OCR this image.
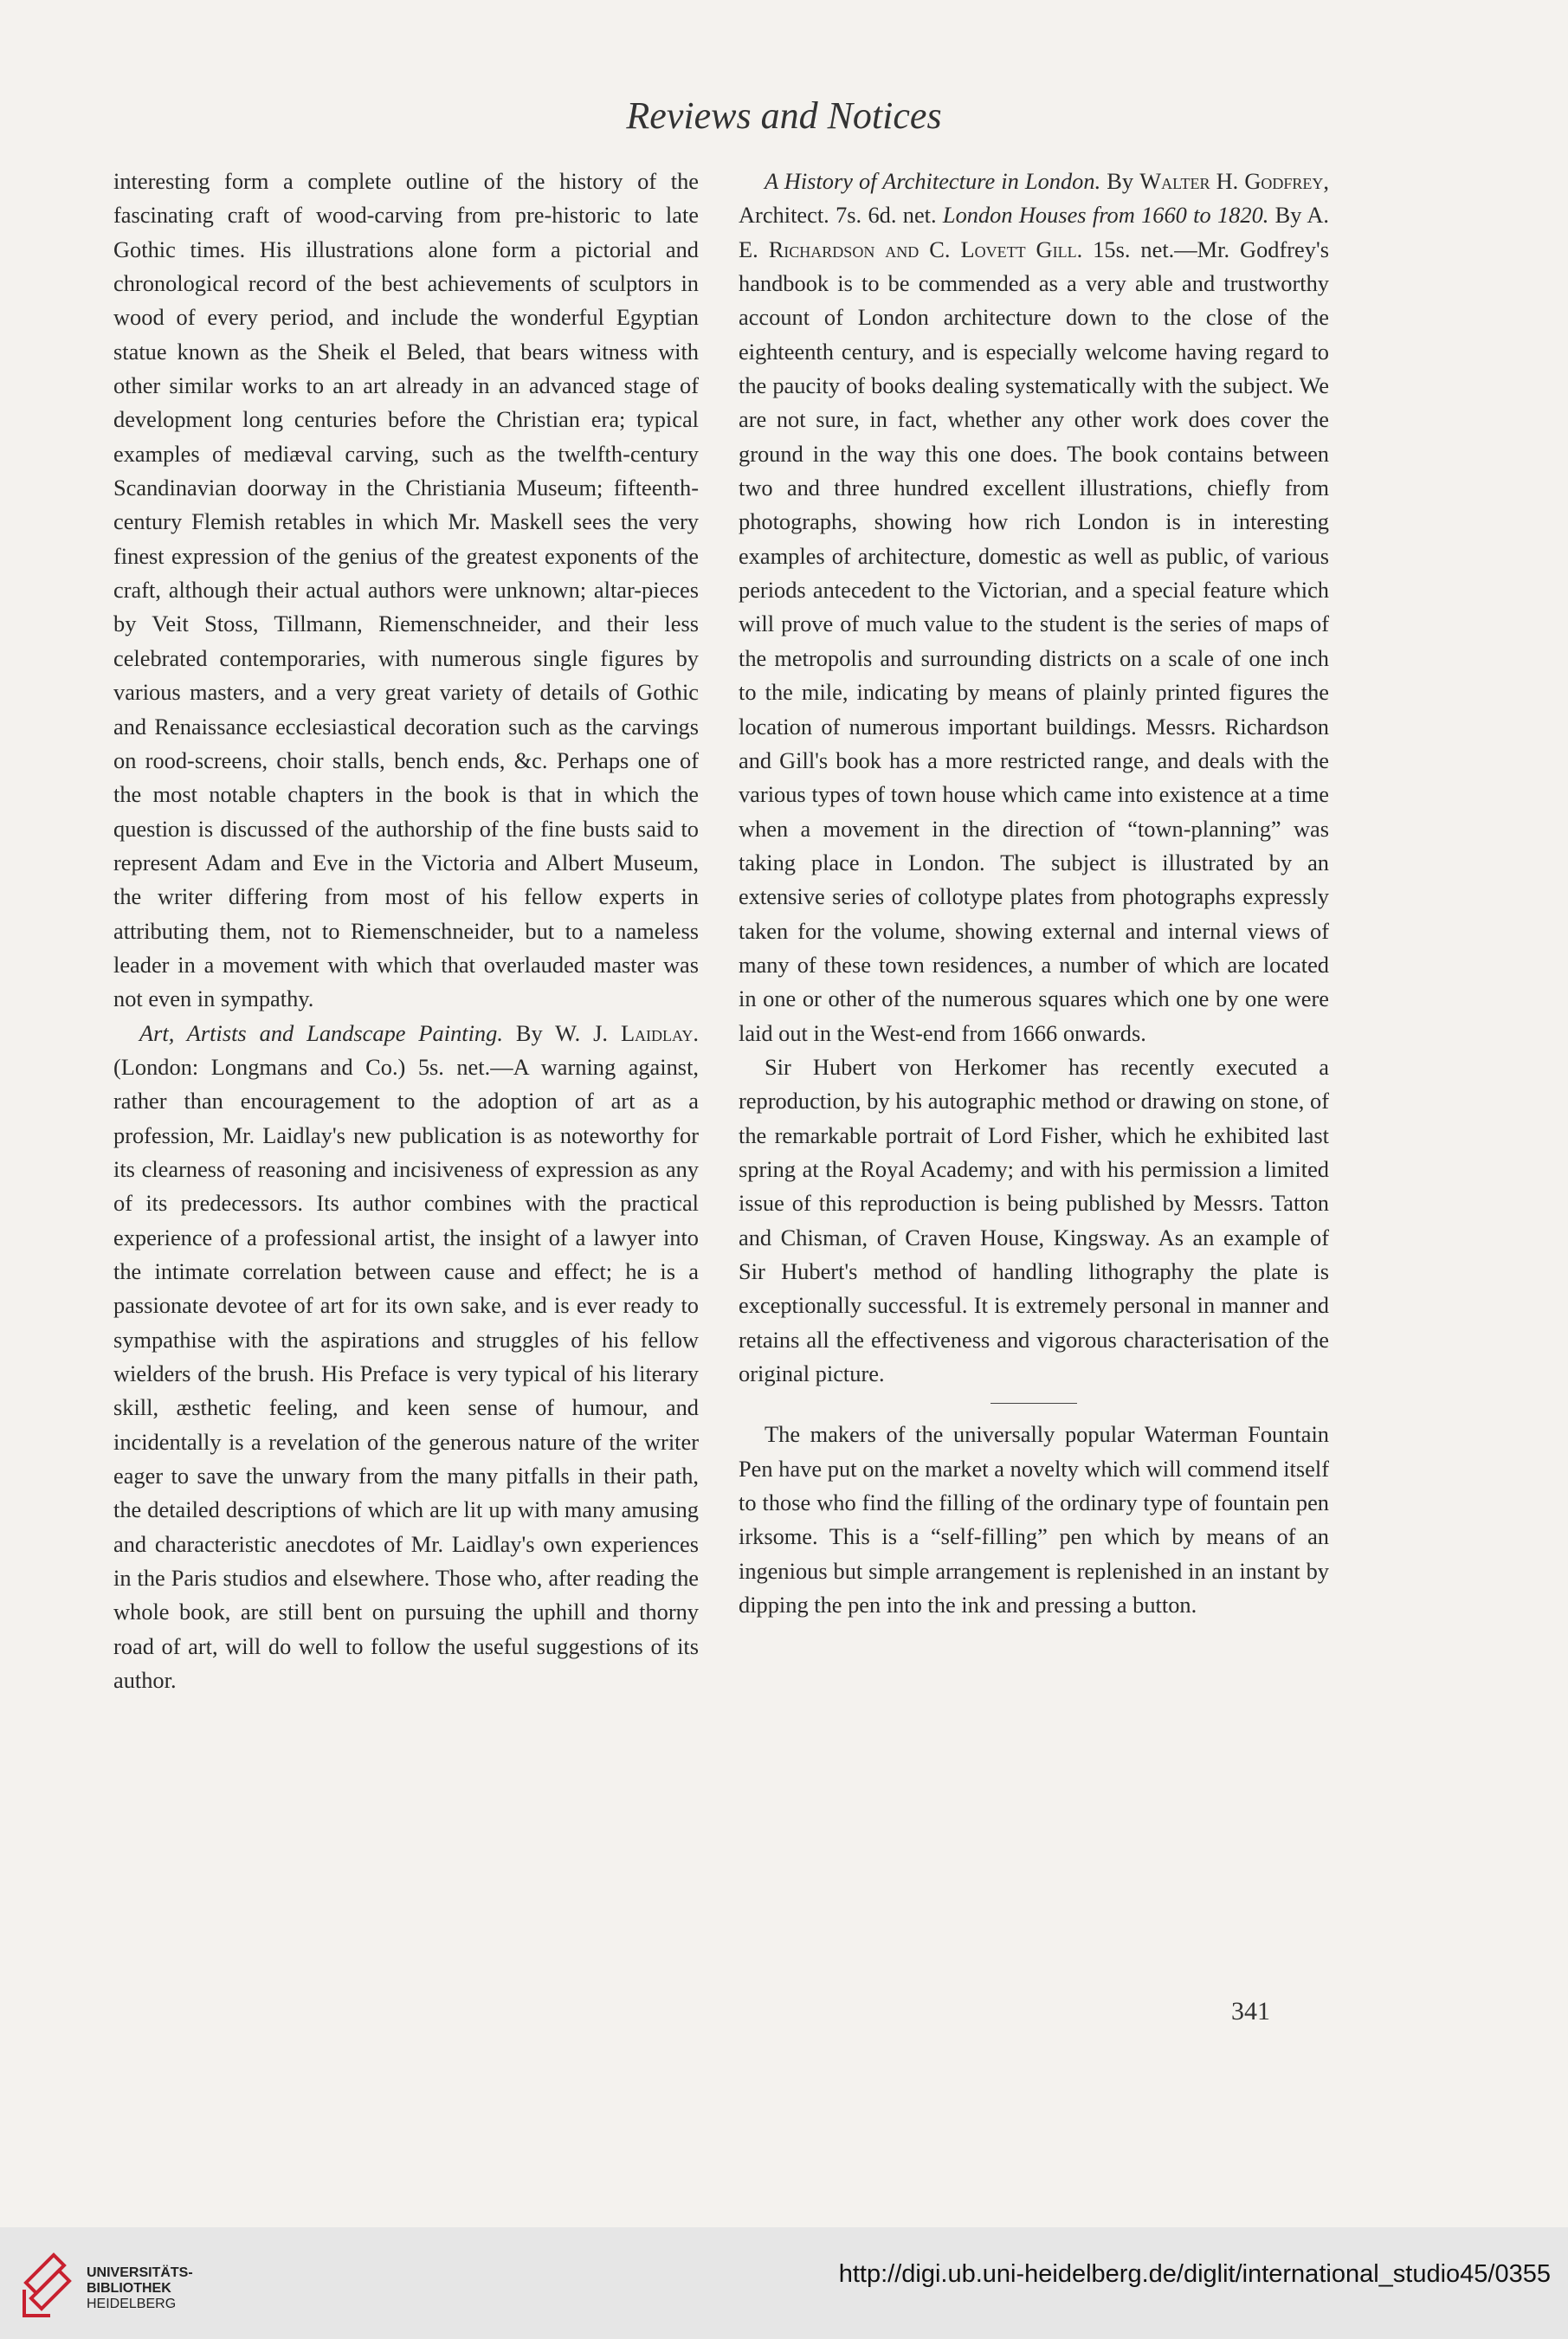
Reviews and Notices

interesting form a complete outline of the history of the fascinating craft of wood-carving from pre-historic to late Gothic times. His illustrations alone form a pictorial and chronological record of the best achievements of sculptors in wood of every period, and include the wonderful Egyptian statue known as the Sheik el Beled, that bears witness with other similar works to an art already in an advanced stage of development long centuries before the Christian era; typical examples of mediæval carving, such as the twelfth-century Scandinavian doorway in the Christiania Museum; fifteenth-century Flemish retables in which Mr. Maskell sees the very finest expression of the genius of the greatest exponents of the craft, although their actual authors were unknown; altar-pieces by Veit Stoss, Tillmann, Riemenschneider, and their less celebrated contemporaries, with numerous single figures by various masters, and a very great variety of details of Gothic and Renaissance ecclesiastical decoration such as the carvings on rood-screens, choir stalls, bench ends, &c. Perhaps one of the most notable chapters in the book is that in which the question is discussed of the authorship of the fine busts said to represent Adam and Eve in the Victoria and Albert Museum, the writer differing from most of his fellow experts in attributing them, not to Riemenschneider, but to a nameless leader in a movement with which that overlauded master was not even in sympathy.

Art, Artists and Landscape Painting. By W. J. Laidlay. (London: Longmans and Co.) 5s. net.—A warning against, rather than encouragement to the adoption of art as a profession, Mr. Laidlay's new publication is as noteworthy for its clearness of reasoning and incisiveness of expression as any of its predecessors. Its author combines with the practical experience of a professional artist, the insight of a lawyer into the intimate correlation between cause and effect; he is a passionate devotee of art for its own sake, and is ever ready to sympathise with the aspirations and struggles of his fellow wielders of the brush. His Preface is very typical of his literary skill, æsthetic feeling, and keen sense of humour, and incidentally is a revelation of the generous nature of the writer eager to save the unwary from the many pitfalls in their path, the detailed descriptions of which are lit up with many amusing and characteristic anecdotes of Mr. Laidlay's own experiences in the Paris studios and elsewhere. Those who, after reading the whole book, are still bent on pursuing the uphill and thorny road of art, will do well to follow the useful suggestions of its author.

A History of Architecture in London. By Walter H. Godfrey, Architect. 7s. 6d. net. London Houses from 1660 to 1820. By A. E. Richardson and C. Lovett Gill. 15s. net.—Mr. Godfrey's handbook is to be commended as a very able and trustworthy account of London architecture down to the close of the eighteenth century, and is especially welcome having regard to the paucity of books dealing systematically with the subject. We are not sure, in fact, whether any other work does cover the ground in the way this one does. The book contains between two and three hundred excellent illustrations, chiefly from photographs, showing how rich London is in interesting examples of architecture, domestic as well as public, of various periods antecedent to the Victorian, and a special feature which will prove of much value to the student is the series of maps of the metropolis and surrounding districts on a scale of one inch to the mile, indicating by means of plainly printed figures the location of numerous important buildings. Messrs. Richardson and Gill's book has a more restricted range, and deals with the various types of town house which came into existence at a time when a movement in the direction of “town-planning” was taking place in London. The subject is illustrated by an extensive series of collotype plates from photographs expressly taken for the volume, showing external and internal views of many of these town residences, a number of which are located in one or other of the numerous squares which one by one were laid out in the West-end from 1666 onwards.

Sir Hubert von Herkomer has recently executed a reproduction, by his autographic method or drawing on stone, of the remarkable portrait of Lord Fisher, which he exhibited last spring at the Royal Academy; and with his permission a limited issue of this reproduction is being published by Messrs. Tatton and Chisman, of Craven House, Kingsway. As an example of Sir Hubert's method of handling lithography the plate is exceptionally successful. It is extremely personal in manner and retains all the effectiveness and vigorous characterisation of the original picture.

The makers of the universally popular Waterman Fountain Pen have put on the market a novelty which will commend itself to those who find the filling of the ordinary type of fountain pen irksome. This is a “self-filling” pen which by means of an ingenious but simple arrangement is replenished in an instant by dipping the pen into the ink and pressing a button.

341
UNIVERSITÄTS-
BIBLIOTHEK
HEIDELBERG
http://digi.ub.uni-heidelberg.de/diglit/international_studio45/0355
